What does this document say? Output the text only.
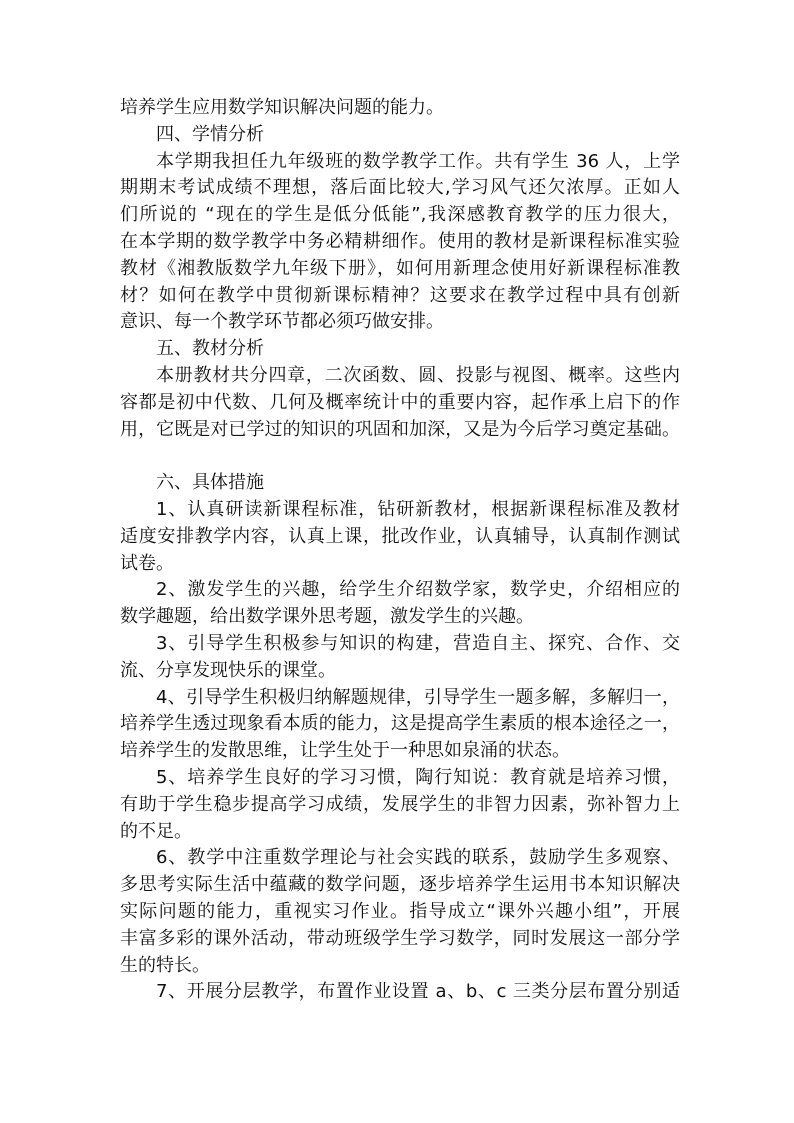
培养学生应用数学知识解决问题的能力。
四、学情分析
本学期我担任九年级班的数学教学工作。共有学生 36 人，上学
期期末考试成绩不理想，落后面比较大,学习风气还欠浓厚。正如人
们所说的 “现在的学生是低分低能”,我深感教育教学的压力很大，
在本学期的数学教学中务必精耕细作。使用的教材是新课程标准实验
教材《湘教版数学九年级下册》，如何用新理念使用好新课程标准教
材？如何在教学中贯彻新课标精神？这要求在教学过程中具有创新
意识、每一个教学环节都必须巧做安排。
五、教材分析
本册教材共分四章，二次函数、圆、投影与视图、概率。这些内
容都是初中代数、几何及概率统计中的重要内容，起作承上启下的作
用，它既是对已学过的知识的巩固和加深，又是为今后学习奠定基础。
六、具体措施
1、认真研读新课程标准，钻研新教材，根据新课程标准及教材
适度安排教学内容，认真上课，批改作业，认真辅导，认真制作测试
试卷。
2、激发学生的兴趣，给学生介绍数学家，数学史，介绍相应的
数学趣题，给出数学课外思考题，激发学生的兴趣。
3、引导学生积极参与知识的构建，营造自主、探究、合作、交
流、分享发现快乐的课堂。
4、引导学生积极归纳解题规律，引导学生一题多解，多解归一，
培养学生透过现象看本质的能力，这是提高学生素质的根本途径之一，
培养学生的发散思维，让学生处于一种思如泉涌的状态。
5、培养学生良好的学习习惯，陶行知说：教育就是培养习惯，
有助于学生稳步提高学习成绩，发展学生的非智力因素，弥补智力上
的不足。
6、教学中注重数学理论与社会实践的联系，鼓励学生多观察、
多思考实际生活中蕴藏的数学问题，逐步培养学生运用书本知识解决
实际问题的能力，重视实习作业。指导成立“课外兴趣小组”，开展
丰富多彩的课外活动，带动班级学生学习数学，同时发展这一部分学
生的特长。
7、开展分层教学，布置作业设置 a、b、c 三类分层布置分别适
